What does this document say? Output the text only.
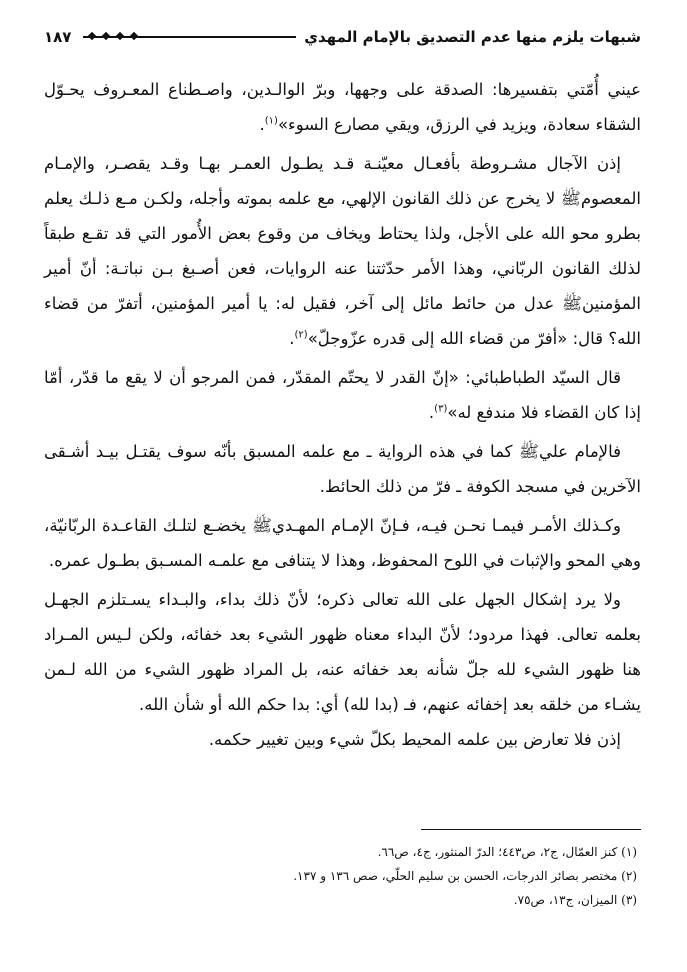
شبهات يلزم منها عدم التصديق بالإمام المهدي
١٨٧

عيني أُمّتي بتفسيرها: الصدقة على وجهها، وبرّ الوالـدين، واصـطناع المعـروف يحـوّل الشقاء سعادة، ويزيد في الرزق، ويقي مصارع السوء»$^{(١)}$.

إذن الآجال مشـروطة بأفعـال معيّنـة قـد يطـول العمـر بهـا وقـد يقصـر، والإمـام المعصومﷺ لا يخرج عن ذلك القانون الإلهي، مع علمه بموته وأجله، ولكـن مـع ذلـك يعلم بطرو محو الله على الأجل، ولذا يحتاط ويخاف من وقوع بعض الأُمور التي قد تقـع طبقاً لذلك القانون الربّاني، وهذا الأمر حدّثتنا عنه الروايات، فعن أصـبغ بـن نباتـة: أنّ أمير المؤمنينﷺ عدل من حائط مائل إلى آخر، فقيل له: يا أمير المؤمنين، أتفرّ من قضاء الله؟ قال: «أفرّ من قضاء الله إلى قدره عزّوجلّ»$^{(٢)}$.

قال السيّد الطباطبائي: «إنّ القدر لا يحتّم المقدّر، فمن المرجو أن لا يقع ما قدّر، أمّا إذا كان القضاء فلا مندفع له»$^{(٣)}$.

فالإمام عليﷺ كما في هذه الرواية ـ مع علمه المسبق بأنّه سوف يقتـل بيـد أشـقى الآخرين في مسجد الكوفة ـ فرّ من ذلك الحائط.

وكـذلك الأمـر فيمـا نحـن فيـه، فـإنّ الإمـام المهـديﷺ يخضـع لتلـك القاعـدة الربّانيّة، وهي المحو والإثبات في اللوح المحفوظ، وهذا لا يتنافى مع علمـه المسـبق بطـول عمره.

ولا يرد إشكال الجهل على الله تعالى ذكره؛ لأنّ ذلك بداء، والبـداء يسـتلزم الجهـل بعلمه تعالى. فهذا مردود؛ لأنّ البداء معناه ظهور الشيء بعد خفائه، ولكن لـيس المـراد هنا ظهور الشيء لله جلّ شأنه بعد خفائه عنه، بل المراد ظهور الشيء من الله لـمن يشـاء من خلقه بعد إخفائه عنهم، فـ (بدا لله) أي: بدا حكم الله أو شأن الله.

إذن فلا تعارض بين علمه المحيط بكلّ شيء وبين تغيير حكمه.

(١) كنز العمّال، ج٢، ص٤٤٣؛ الدرّ المنثور، ج٤، ص٦٦.
(٢) مختصر بصائر الدرجات، الحسن بن سليم الحلّي، صص ١٣٦ و ١٣٧.
(٣) الميزان، ج١٣، ص٧٥.
